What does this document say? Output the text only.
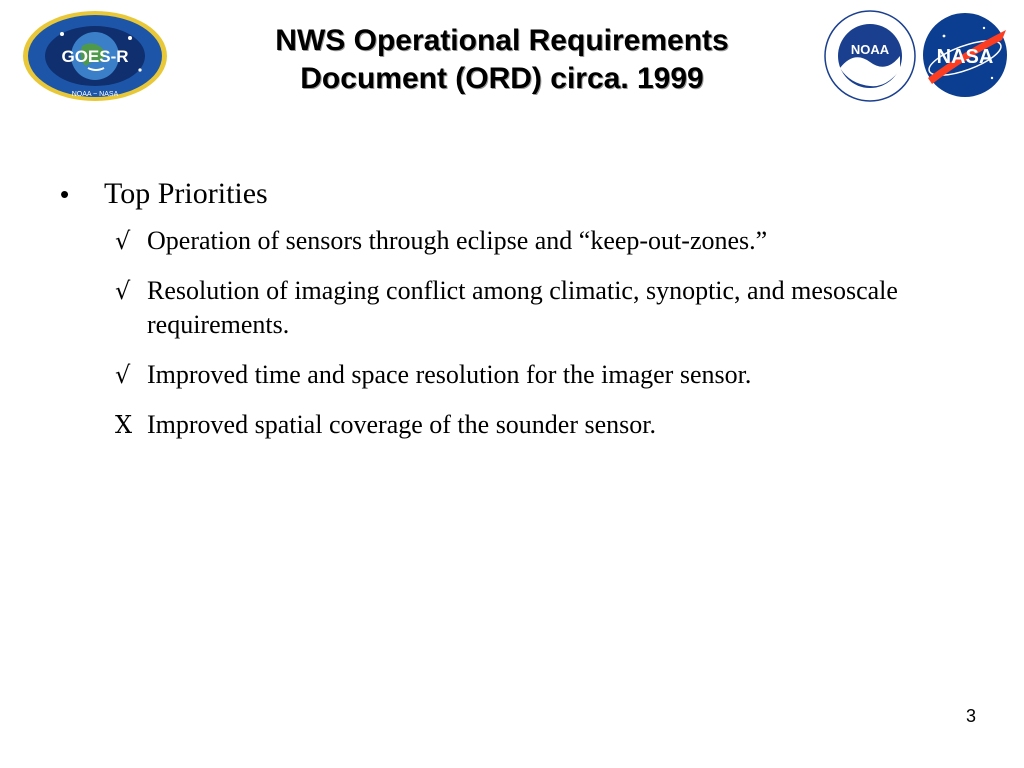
GOES-R
NOAA ~ NASA
NWS Operational Requirements
Document (ORD) circa. 1999
NOAA NASA
•	Top Priorities
√ Operation of sensors through eclipse and “keep-out-zones.”
√ Resolution of imaging conflict among climatic, synoptic, and mesoscale requirements.
√ Improved time and space resolution for the imager sensor.
X Improved spatial coverage of the sounder sensor.
3
